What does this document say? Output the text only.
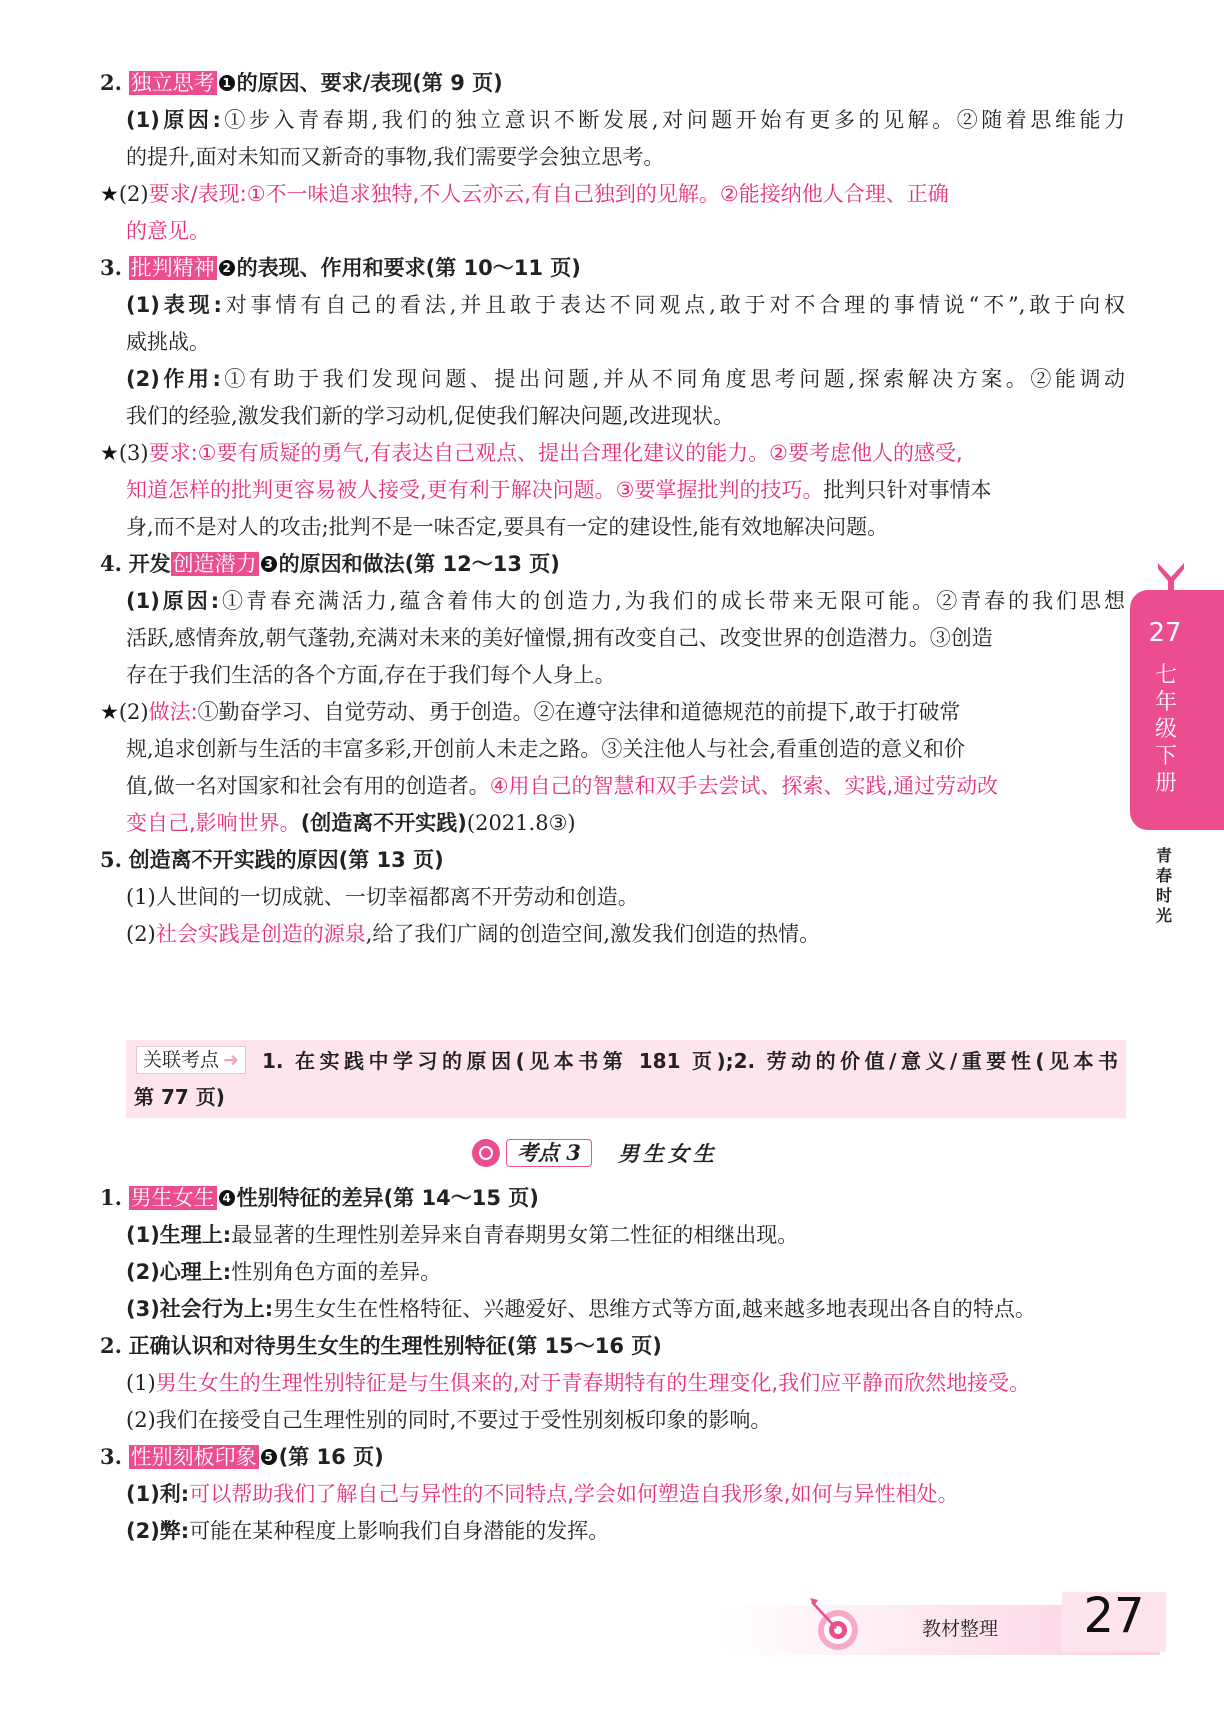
2. 独立思考 1 的原因、要求/表现(第 9 页)
(1)原因:①步入青春期,我们的独立意识不断发展,对问题开始有更多的见解。②随着思维能力
的提升,面对未知而又新奇的事物,我们需要学会独立思考。
★(2)要求/表现:①不一味追求独特,不人云亦云,有自己独到的见解。②能接纳他人合理、正确
的意见。
3. 批判精神 2 的表现、作用和要求(第 10～11 页)
(1)表现:对事情有自己的看法,并且敢于表达不同观点,敢于对不合理的事情说“不”,敢于向权
威挑战。
(2)作用:①有助于我们发现问题、提出问题,并从不同角度思考问题,探索解决方案。②能调动
我们的经验,激发我们新的学习动机,促使我们解决问题,改进现状。
★(3)要求:①要有质疑的勇气,有表达自己观点、提出合理化建议的能力。②要考虑他人的感受,
知道怎样的批判更容易被人接受,更有利于解决问题。③要掌握批判的技巧。批判只针对事情本
身,而不是对人的攻击;批判不是一味否定,要具有一定的建设性,能有效地解决问题。
4. 开发创造潜力 3 的原因和做法(第 12～13 页)
(1)原因:①青春充满活力,蕴含着伟大的创造力,为我们的成长带来无限可能。②青春的我们思想
活跃,感情奔放,朝气蓬勃,充满对未来的美好憧憬,拥有改变自己、改变世界的创造潜力。③创造
存在于我们生活的各个方面,存在于我们每个人身上。
★(2)做法:①勤奋学习、自觉劳动、勇于创造。②在遵守法律和道德规范的前提下,敢于打破常
规,追求创新与生活的丰富多彩,开创前人未走之路。③关注他人与社会,看重创造的意义和价
值,做一名对国家和社会有用的创造者。④用自己的智慧和双手去尝试、探索、实践,通过劳动改
变自己,影响世界。(创造离不开实践)(2021.8③)
5. 创造离不开实践的原因(第 13 页)
(1)人世间的一切成就、一切幸福都离不开劳动和创造。
(2)社会实践是创造的源泉,给了我们广阔的创造空间,激发我们创造的热情。
关联考点 ➜	1. 在实践中学习的原因(见本书第 181 页);2. 劳动的价值/意义/重要性(见本书
第 77 页)
考点 3	男生女生
1. 男生女生 4 性别特征的差异(第 14～15 页)
(1)生理上:最显著的生理性别差异来自青春期男女第二性征的相继出现。
(2)心理上:性别角色方面的差异。
(3)社会行为上:男生女生在性格特征、兴趣爱好、思维方式等方面,越来越多地表现出各自的特点。
2. 正确认识和对待男生女生的生理性别特征(第 15～16 页)
(1)男生女生的生理性别特征是与生俱来的,对于青春期特有的生理变化,我们应平静而欣然地接受。
(2)我们在接受自己生理性别的同时,不要过于受性别刻板印象的影响。
3. 性别刻板印象 5 (第 16 页)
(1)利:可以帮助我们了解自己与异性的不同特点,学会如何塑造自我形象,如何与异性相处。
(2)弊:可能在某种程度上影响我们自身潜能的发挥。
27
七
年
级
下
册
青
春
时
光
教材整理	27
